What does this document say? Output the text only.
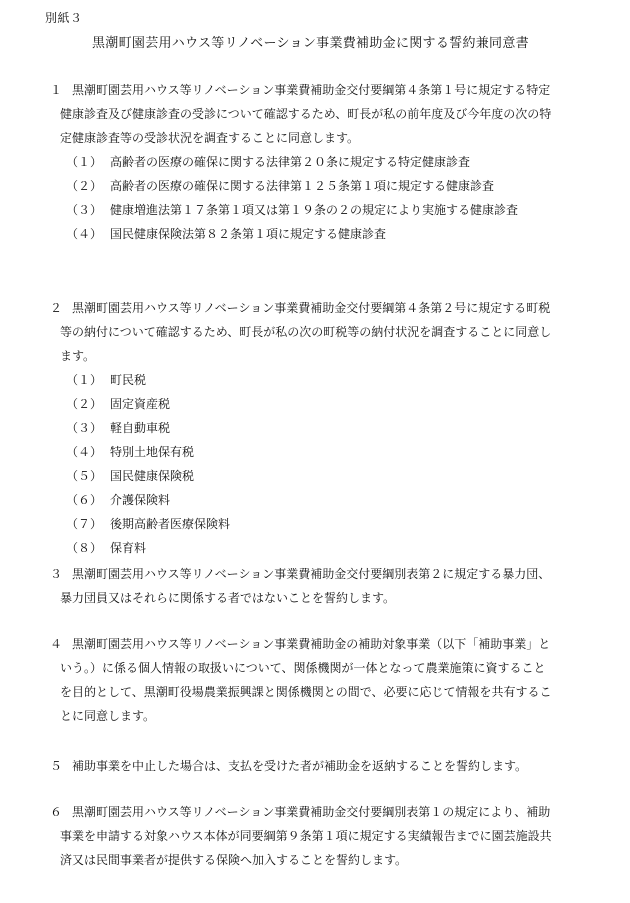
別紙３
黒潮町園芸用ハウス等リノベーション事業費補助金に関する誓約兼同意書
１ 黒潮町園芸用ハウス等リノベーション事業費補助金交付要綱第４条第１号に規定する特定
健康診査及び健康診査の受診について確認するため、町長が私の前年度及び今年度の次の特
定健康診査等の受診状況を調査することに同意します。
（１） 高齢者の医療の確保に関する法律第２０条に規定する特定健康診査
（２） 高齢者の医療の確保に関する法律第１２５条第１項に規定する健康診査
（３） 健康増進法第１７条第１項又は第１９条の２の規定により実施する健康診査
（４） 国民健康保険法第８２条第１項に規定する健康診査
２ 黒潮町園芸用ハウス等リノベーション事業費補助金交付要綱第４条第２号に規定する町税
等の納付について確認するため、町長が私の次の町税等の納付状況を調査することに同意し
ます。
（１） 町民税
（２） 固定資産税
（３） 軽自動車税
（４） 特別土地保有税
（５） 国民健康保険税
（６） 介護保険料
（７） 後期高齢者医療保険料
（８） 保育料
３ 黒潮町園芸用ハウス等リノベーション事業費補助金交付要綱別表第２に規定する暴力団、
暴力団員又はそれらに関係する者ではないことを誓約します。
４ 黒潮町園芸用ハウス等リノベーション事業費補助金の補助対象事業（以下「補助事業」と
いう。）に係る個人情報の取扱いについて、関係機関が一体となって農業施策に資すること
を目的として、黒潮町役場農業振興課と関係機関との間で、必要に応じて情報を共有するこ
とに同意します。
５ 補助事業を中止した場合は、支払を受けた者が補助金を返納することを誓約します。
６ 黒潮町園芸用ハウス等リノベーション事業費補助金交付要綱別表第１の規定により、補助
事業を申請する対象ハウス本体が同要綱第９条第１項に規定する実績報告までに園芸施設共
済又は民間事業者が提供する保険へ加入することを誓約します。
